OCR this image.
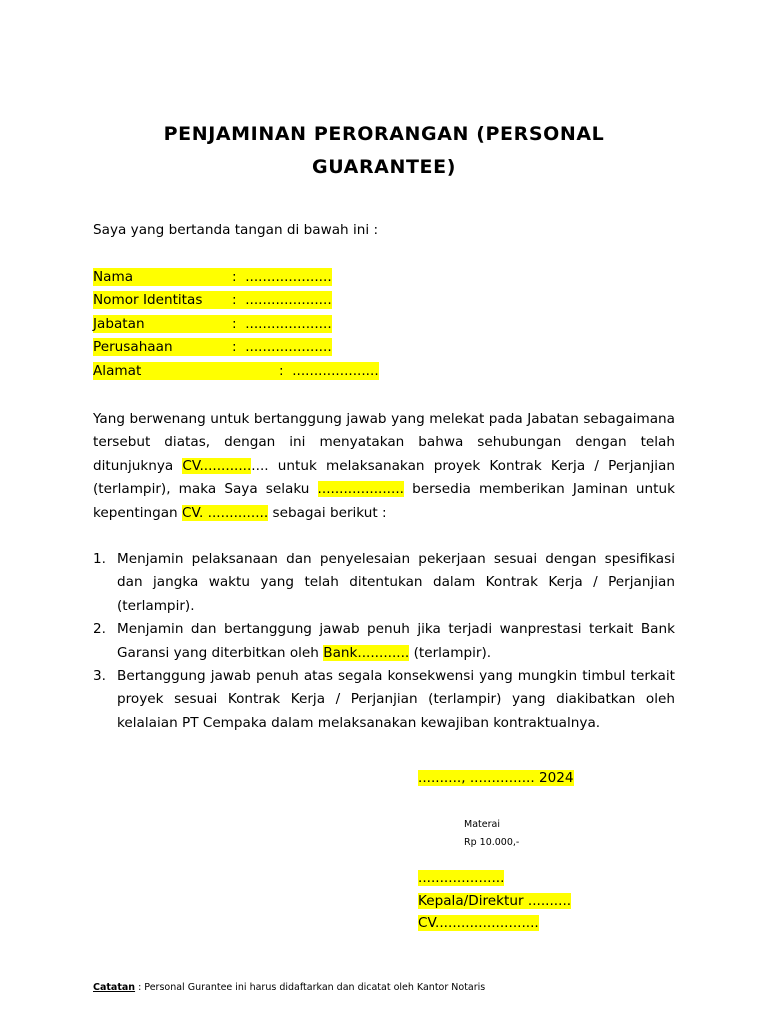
PENJAMINAN PERORANGAN (PERSONAL GUARANTEE)

Saya yang bertanda tangan di bawah ini :

Nama	:  ....................
Nomor Identitas :  ....................
Jabatan	:  ....................
Perusahaan	:  ....................
Alamat	:  ....................

Yang berwenang untuk bertanggung jawab yang melekat pada Jabatan sebagaimana tersebut diatas, dengan ini menyatakan bahwa sehubungan dengan telah ditunjuknya CV................ untuk melaksanakan proyek Kontrak Kerja / Perjanjian (terlampir), maka Saya selaku .................... bersedia memberikan Jaminan untuk kepentingan CV. .............. sebagai berikut :

1. Menjamin pelaksanaan dan penyelesaian pekerjaan sesuai dengan spesifikasi dan jangka waktu yang telah ditentukan dalam Kontrak Kerja / Perjanjian (terlampir).
2. Menjamin dan bertanggung jawab penuh jika terjadi wanprestasi terkait Bank Garansi yang diterbitkan oleh Bank............ (terlampir).
3. Bertanggung jawab penuh atas segala konsekwensi yang mungkin timbul terkait proyek sesuai Kontrak Kerja / Perjanjian (terlampir) yang diakibatkan oleh kelalaian PT Cempaka dalam melaksanakan kewajiban kontraktualnya.
.........., ............... 2024
Materai
Rp 10.000,-
....................
Kepala/Direktur ..........
CV........................
Catatan : Personal Gurantee ini harus didaftarkan dan dicatat oleh Kantor Notaris
